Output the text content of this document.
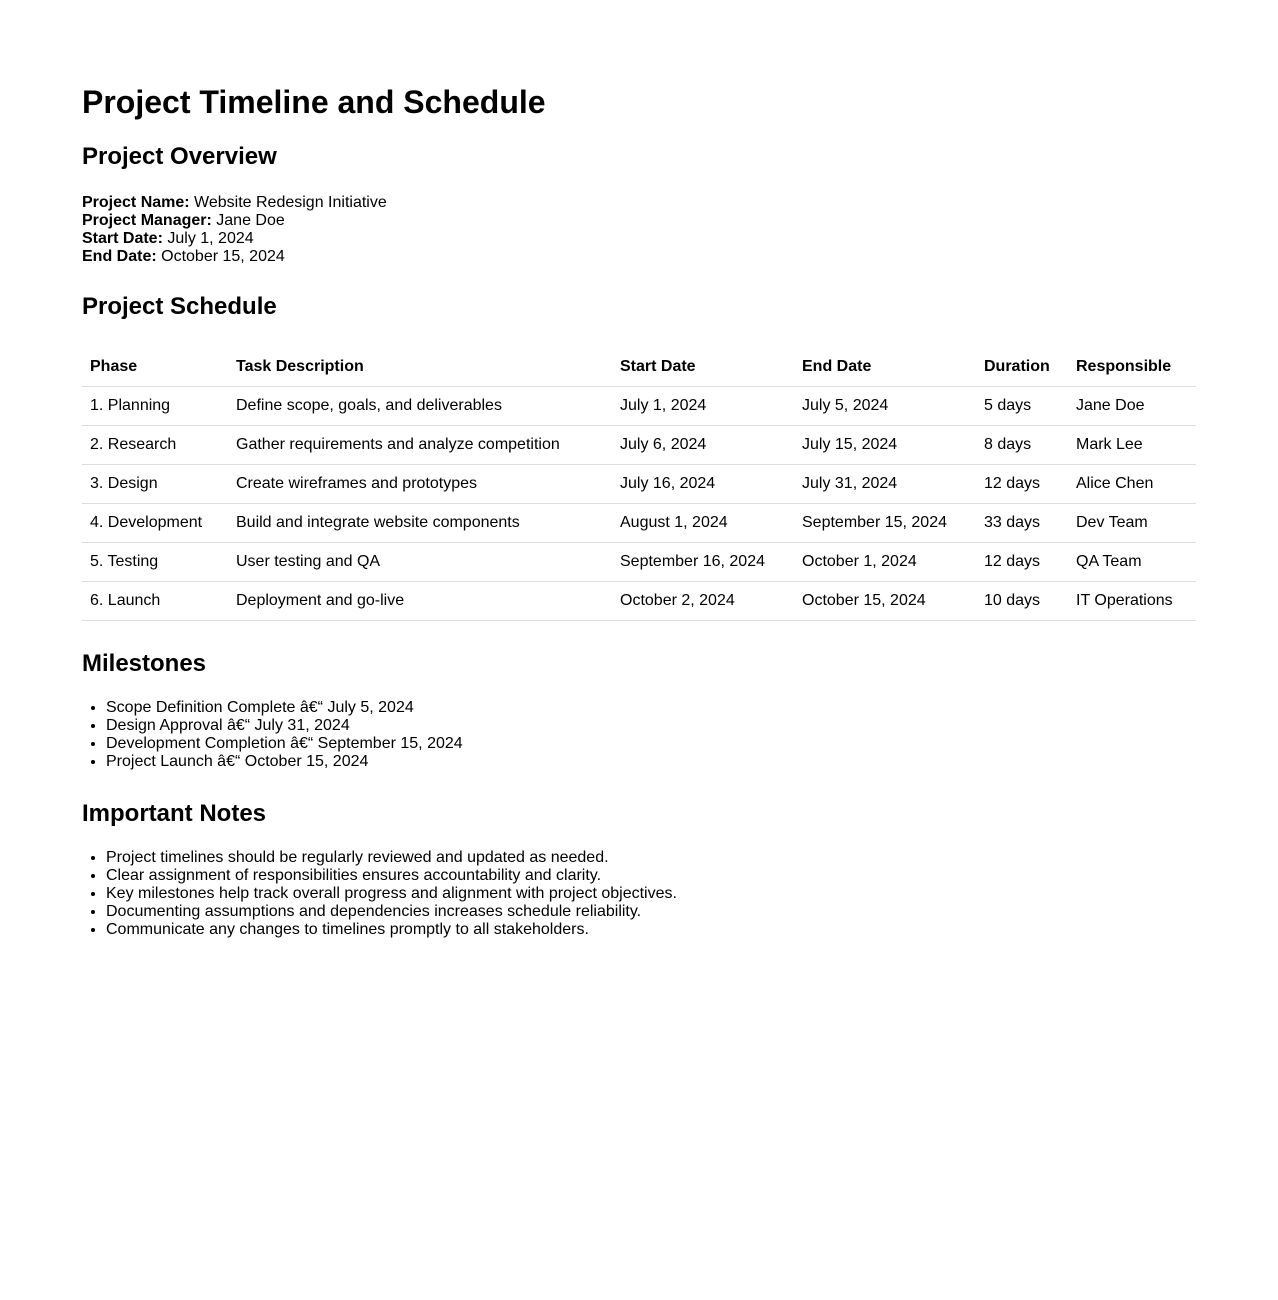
Project Timeline and Schedule
Project Overview
Project Name: Website Redesign Initiative
Project Manager: Jane Doe
Start Date: July 1, 2024
End Date: October 15, 2024
Project Schedule
Phase	Task Description	Start Date	End Date	Duration	Responsible
1. Planning	Define scope, goals, and deliverables	July 1, 2024	July 5, 2024	5 days	Jane Doe
2. Research	Gather requirements and analyze competition	July 6, 2024	July 15, 2024	8 days	Mark Lee
3. Design	Create wireframes and prototypes	July 16, 2024	July 31, 2024	12 days	Alice Chen
4. Development	Build and integrate website components	August 1, 2024	September 15, 2024	33 days	Dev Team
5. Testing	User testing and QA	September 16, 2024	October 1, 2024	12 days	QA Team
6. Launch	Deployment and go-live	October 2, 2024	October 15, 2024	10 days	IT Operations
Milestones
• Scope Definition Complete â€“ July 5, 2024
• Design Approval â€“ July 31, 2024
• Development Completion â€“ September 15, 2024
• Project Launch â€“ October 15, 2024
Important Notes
• Project timelines should be regularly reviewed and updated as needed.
• Clear assignment of responsibilities ensures accountability and clarity.
• Key milestones help track overall progress and alignment with project objectives.
• Documenting assumptions and dependencies increases schedule reliability.
• Communicate any changes to timelines promptly to all stakeholders.
